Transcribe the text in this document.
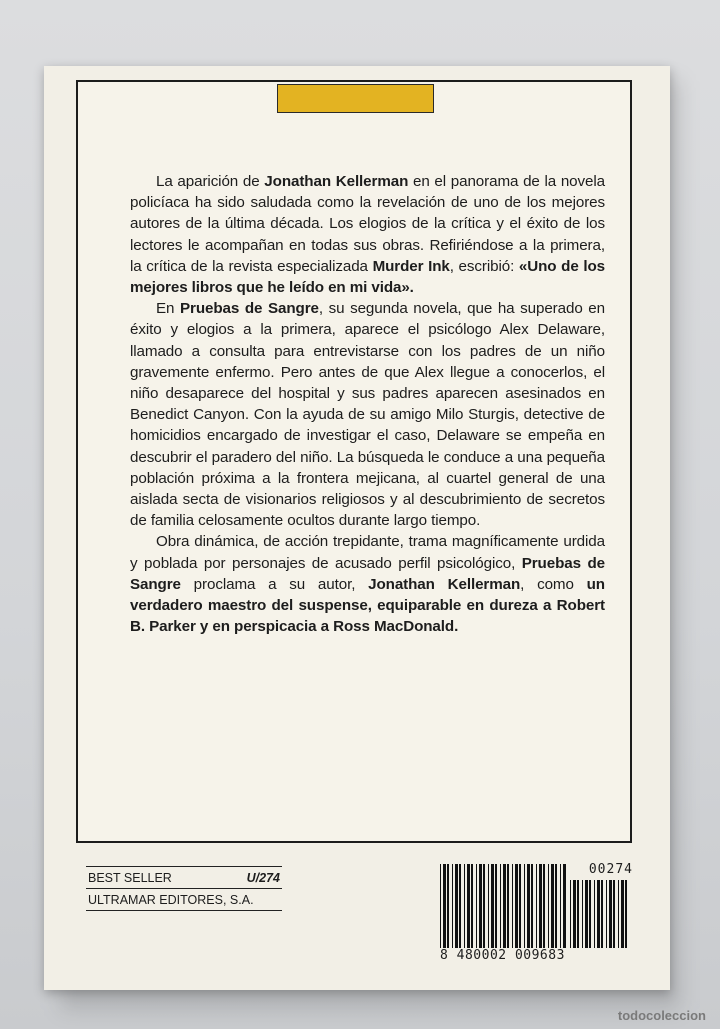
La aparición de Jonathan Kellerman en el panorama de la novela policíaca ha sido saludada como la revelación de uno de los mejores autores de la última década. Los elogios de la crítica y el éxito de los lectores le acompañan en todas sus obras. Refiriéndose a la primera, la crítica de la revista especializada Murder Ink, escribió: «Uno de los mejores libros que he leído en mi vida».

En Pruebas de Sangre, su segunda novela, que ha superado en éxito y elogios a la primera, aparece el psicólogo Alex Delaware, llamado a consulta para entrevistarse con los padres de un niño gravemente enfermo. Pero antes de que Alex llegue a conocerlos, el niño desaparece del hospital y sus padres aparecen asesinados en Benedict Canyon. Con la ayuda de su amigo Milo Sturgis, detective de homicidios encargado de investigar el caso, Delaware se empeña en descubrir el paradero del niño. La búsqueda le conduce a una pequeña población próxima a la frontera mejicana, al cuartel general de una aislada secta de visionarios religiosos y al descubrimiento de secretos de familia celosamente ocultos durante largo tiempo.

Obra dinámica, de acción trepidante, trama magníficamente urdida y poblada por personajes de acusado perfil psicológico, Pruebas de Sangre proclama a su autor, Jonathan Kellerman, como un verdadero maestro del suspense, equiparable en dureza a Robert B. Parker y en perspicacia a Ross MacDonald.

BEST SELLER	U/274
ULTRAMAR EDITORES, S.A.
00274
8 480002 009683
todocoleccion
